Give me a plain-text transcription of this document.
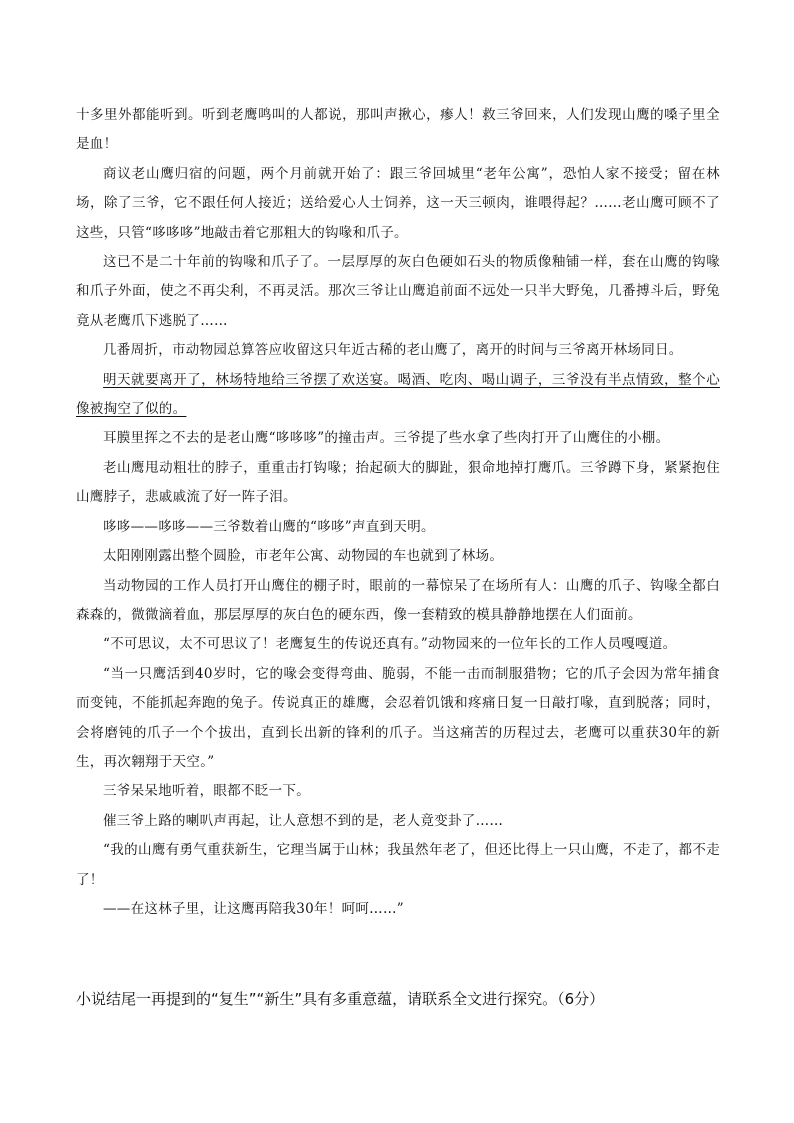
十多里外都能听到。听到老鹰鸣叫的人都说，那叫声揪心，瘆人！救三爷回来，人们发现山鹰的嗓子里全是血！

商议老山鹰归宿的问题，两个月前就开始了：跟三爷回城里“老年公寓”，恐怕人家不接受；留在林场，除了三爷，它不跟任何人接近；送给爱心人士饲养，这一天三顿肉，谁喂得起？……老山鹰可顾不了这些，只管“哆哆哆”地敲击着它那粗大的钩喙和爪子。

这已不是二十年前的钩喙和爪子了。一层厚厚的灰白色硬如石头的物质像釉铺一样，套在山鹰的钩喙和爪子外面，使之不再尖利，不再灵活。那次三爷让山鹰追前面不远处一只半大野兔，几番搏斗后，野兔竟从老鹰爪下逃脱了……

几番周折，市动物园总算答应收留这只年近古稀的老山鹰了，离开的时间与三爷离开林场同日。

明天就要离开了，林场特地给三爷摆了欢送宴。喝酒、吃肉、喝山调子，三爷没有半点情致，整个心像被掏空了似的。

耳膜里挥之不去的是老山鹰“哆哆哆”的撞击声。三爷提了些水拿了些肉打开了山鹰住的小棚。

老山鹰甩动粗壮的脖子，重重击打钩喙；抬起硕大的脚趾，狠命地掉打鹰爪。三爷蹲下身，紧紧抱住山鹰脖子，悲戚戚流了好一阵子泪。

哆哆——哆哆——三爷数着山鹰的“哆哆”声直到天明。

太阳刚刚露出整个圆脸，市老年公寓、动物园的车也就到了林场。

当动物园的工作人员打开山鹰住的棚子时，眼前的一幕惊呆了在场所有人：山鹰的爪子、钩喙全都白森森的，微微滴着血，那层厚厚的灰白色的硬东西，像一套精致的模具静静地摆在人们面前。

“不可思议，太不可思议了！老鹰复生的传说还真有。”动物园来的一位年长的工作人员嘎嘎道。

“当一只鹰活到40岁时，它的喙会变得弯曲、脆弱，不能一击而制服猎物；它的爪子会因为常年捕食而变钝，不能抓起奔跑的兔子。传说真正的雄鹰，会忍着饥饿和疼痛日复一日敲打喙，直到脱落；同时，会将磨钝的爪子一个个拔出，直到长出新的锋利的爪子。当这痛苦的历程过去，老鹰可以重获30年的新生，再次翱翔于天空。”

三爷呆呆地听着，眼都不眨一下。

催三爷上路的喇叭声再起，让人意想不到的是，老人竟变卦了……

“我的山鹰有勇气重获新生，它理当属于山林；我虽然年老了，但还比得上一只山鹰，不走了，都不走了！

——在这林子里，让这鹰再陪我30年！呵呵……”

小说结尾一再提到的“复生”“新生”具有多重意蕴，请联系全文进行探究。（6分）
